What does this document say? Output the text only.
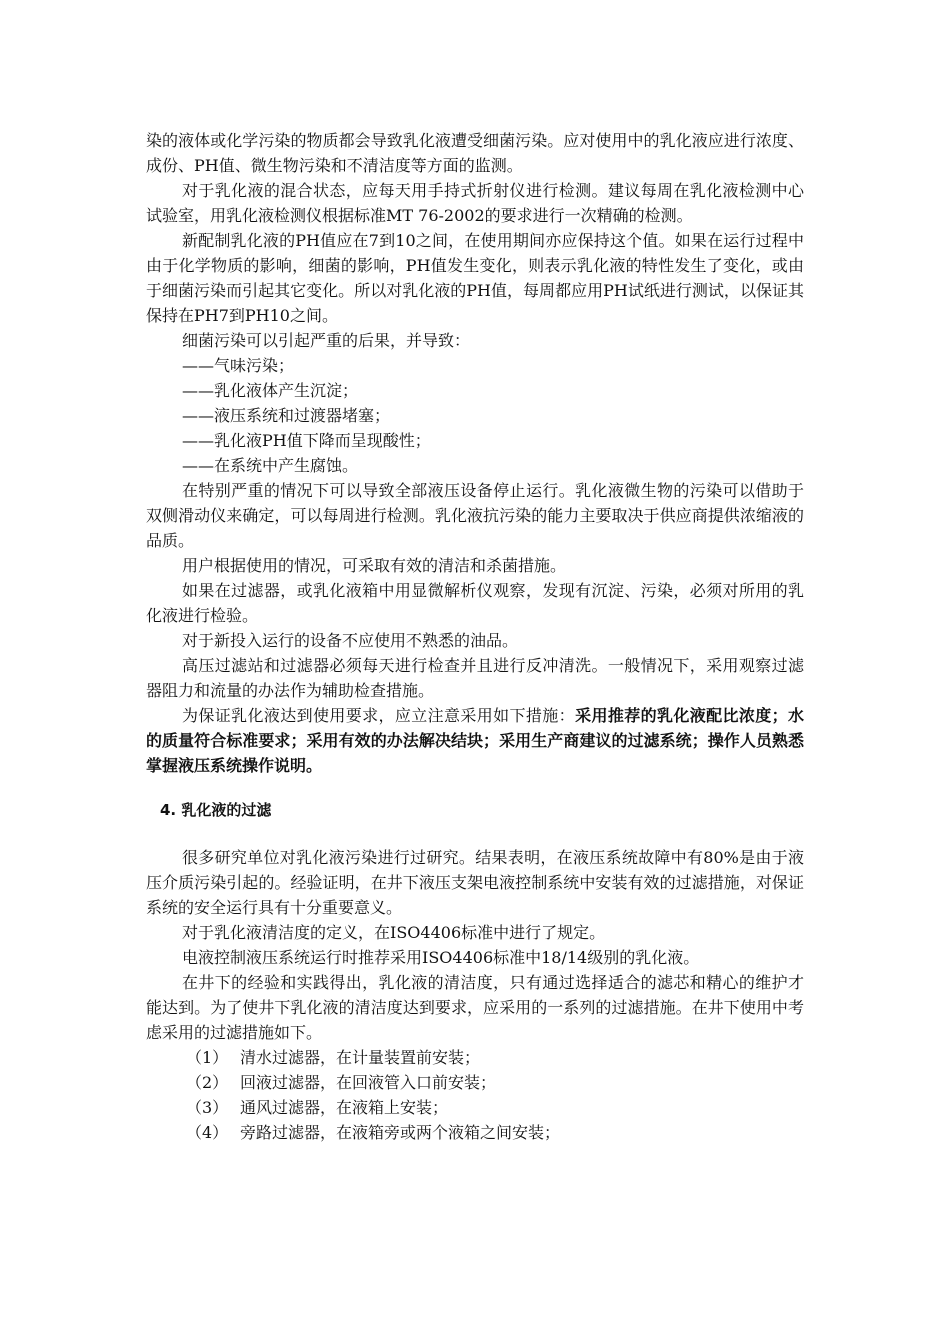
染的液体或化学污染的物质都会导致乳化液遭受细菌污染。应对使用中的乳化液应进行浓度、成份、PH值、微生物污染和不清洁度等方面的监测。

对于乳化液的混合状态，应每天用手持式折射仪进行检测。建议每周在乳化液检测中心试验室，用乳化液检测仪根据标准MT 76-2002的要求进行一次精确的检测。

新配制乳化液的PH值应在7到10之间，在使用期间亦应保持这个值。如果在运行过程中由于化学物质的影响，细菌的影响，PH值发生变化，则表示乳化液的特性发生了变化，或由于细菌污染而引起其它变化。所以对乳化液的PH值，每周都应用PH试纸进行测试，以保证其保持在PH7到PH10之间。

细菌污染可以引起严重的后果，并导致：

——气味污染；

——乳化液体产生沉淀；

——液压系统和过渡器堵塞；

——乳化液PH值下降而呈现酸性；

——在系统中产生腐蚀。

在特别严重的情况下可以导致全部液压设备停止运行。乳化液微生物的污染可以借助于双侧滑动仪来确定，可以每周进行检测。乳化液抗污染的能力主要取决于供应商提供浓缩液的品质。

用户根据使用的情况，可采取有效的清洁和杀菌措施。

如果在过滤器，或乳化液箱中用显微解析仪观察，发现有沉淀、污染，必须对所用的乳化液进行检验。

对于新投入运行的设备不应使用不熟悉的油品。

高压过滤站和过滤器必须每天进行检查并且进行反冲清洗。一般情况下，采用观察过滤器阻力和流量的办法作为辅助检查措施。

为保证乳化液达到使用要求，应立注意采用如下措施：采用推荐的乳化液配比浓度；水的质量符合标准要求；采用有效的办法解决结块；采用生产商建议的过滤系统；操作人员熟悉掌握液压系统操作说明。

4. 乳化液的过滤

很多研究单位对乳化液污染进行过研究。结果表明，在液压系统故障中有80%是由于液压介质污染引起的。经验证明，在井下液压支架电液控制系统中安装有效的过滤措施，对保证系统的安全运行具有十分重要意义。

对于乳化液清洁度的定义，在ISO4406标准中进行了规定。

电液控制液压系统运行时推荐采用ISO4406标准中18/14级别的乳化液。

在井下的经验和实践得出，乳化液的清洁度，只有通过选择适合的滤芯和精心的维护才能达到。为了使井下乳化液的清洁度达到要求，应采用的一系列的过滤措施。在井下使用中考虑采用的过滤措施如下。

（1） 清水过滤器，在计量装置前安装；
（2） 回液过滤器，在回液管入口前安装；
（3） 通风过滤器，在液箱上安装；
（4） 旁路过滤器，在液箱旁或两个液箱之间安装；
